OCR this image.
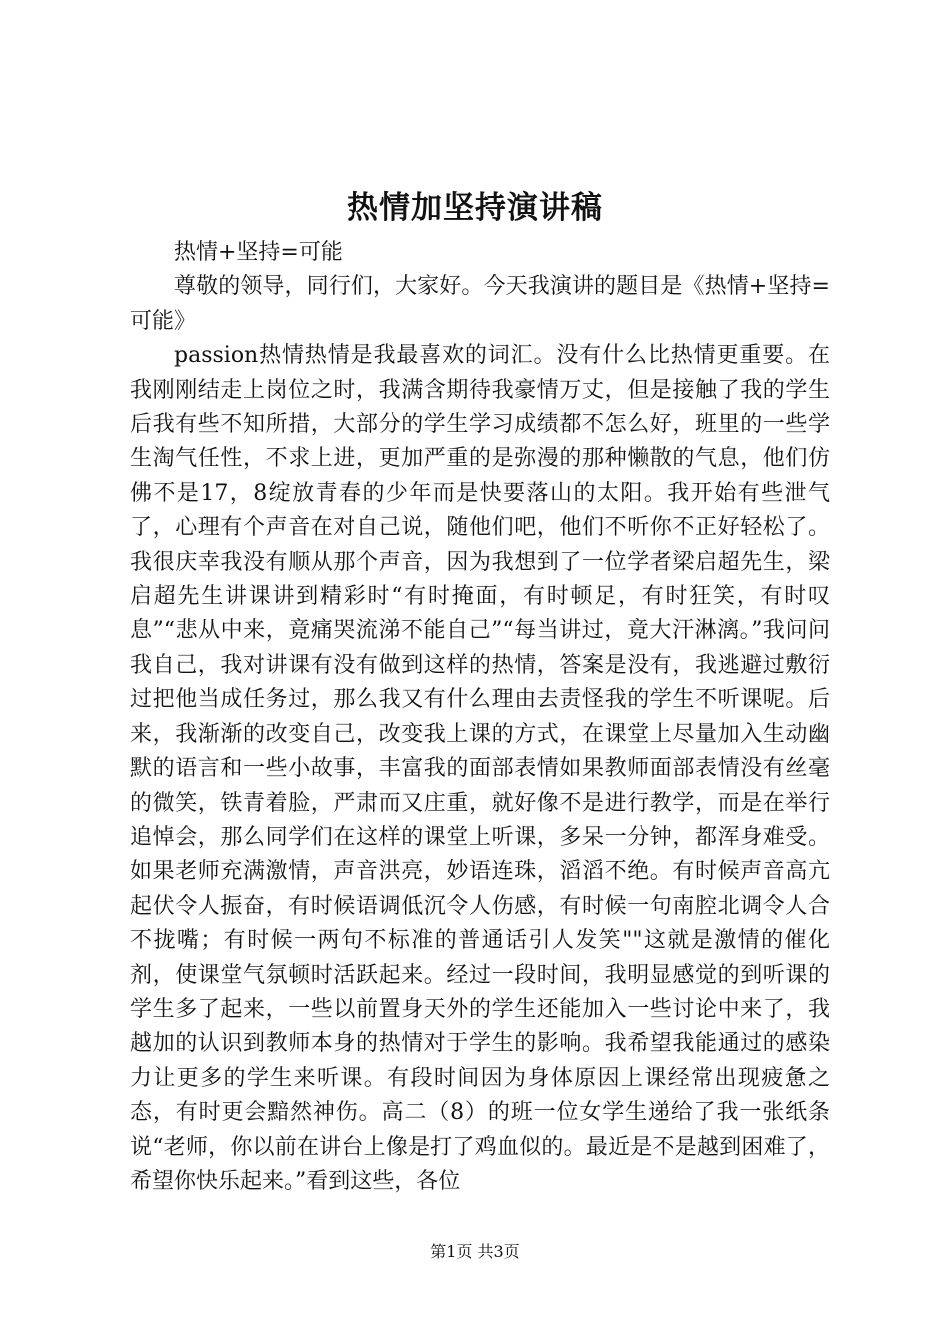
热情加坚持演讲稿

热情+坚持=可能

尊敬的领导，同行们，大家好。今天我演讲的题目是《热情+坚持=可能》

passion热情热情是我最喜欢的词汇。没有什么比热情更重要。在我刚刚结走上岗位之时，我满含期待我豪情万丈，但是接触了我的学生后我有些不知所措，大部分的学生学习成绩都不怎么好，班里的一些学生淘气任性，不求上进，更加严重的是弥漫的那种懒散的气息，他们仿佛不是17，8绽放青春的少年而是快要落山的太阳。我开始有些泄气了，心理有个声音在对自己说，随他们吧，他们不听你不正好轻松了。我很庆幸我没有顺从那个声音，因为我想到了一位学者梁启超先生，梁启超先生讲课讲到精彩时“有时掩面，有时顿足，有时狂笑，有时叹息”“悲从中来，竟痛哭流涕不能自己”“每当讲过，竟大汗淋漓。”我问问我自己，我对讲课有没有做到这样的热情，答案是没有，我逃避过敷衍过把他当成任务过，那么我又有什么理由去责怪我的学生不听课呢。后来，我渐渐的改变自己，改变我上课的方式，在课堂上尽量加入生动幽默的语言和一些小故事，丰富我的面部表情如果教师面部表情没有丝毫的微笑，铁青着脸，严肃而又庄重，就好像不是进行教学，而是在举行追悼会，那么同学们在这样的课堂上听课，多呆一分钟，都浑身难受。如果老师充满激情，声音洪亮，妙语连珠，滔滔不绝。有时候声音高亢起伏令人振奋，有时候语调低沉令人伤感，有时候一句南腔北调令人合不拢嘴；有时候一两句不标准的普通话引人发笑""这就是激情的催化剂，使课堂气氛顿时活跃起来。经过一段时间，我明显感觉的到听课的学生多了起来，一些以前置身天外的学生还能加入一些讨论中来了，我越加的认识到教师本身的热情对于学生的影响。我希望我能通过的感染力让更多的学生来听课。有段时间因为身体原因上课经常出现疲惫之态，有时更会黯然神伤。高二（8）的班一位女学生递给了我一张纸条说“老师，你以前在讲台上像是打了鸡血似的。最近是不是越到困难了，希望你快乐起来。”看到这些，各位

第1页 共3页
